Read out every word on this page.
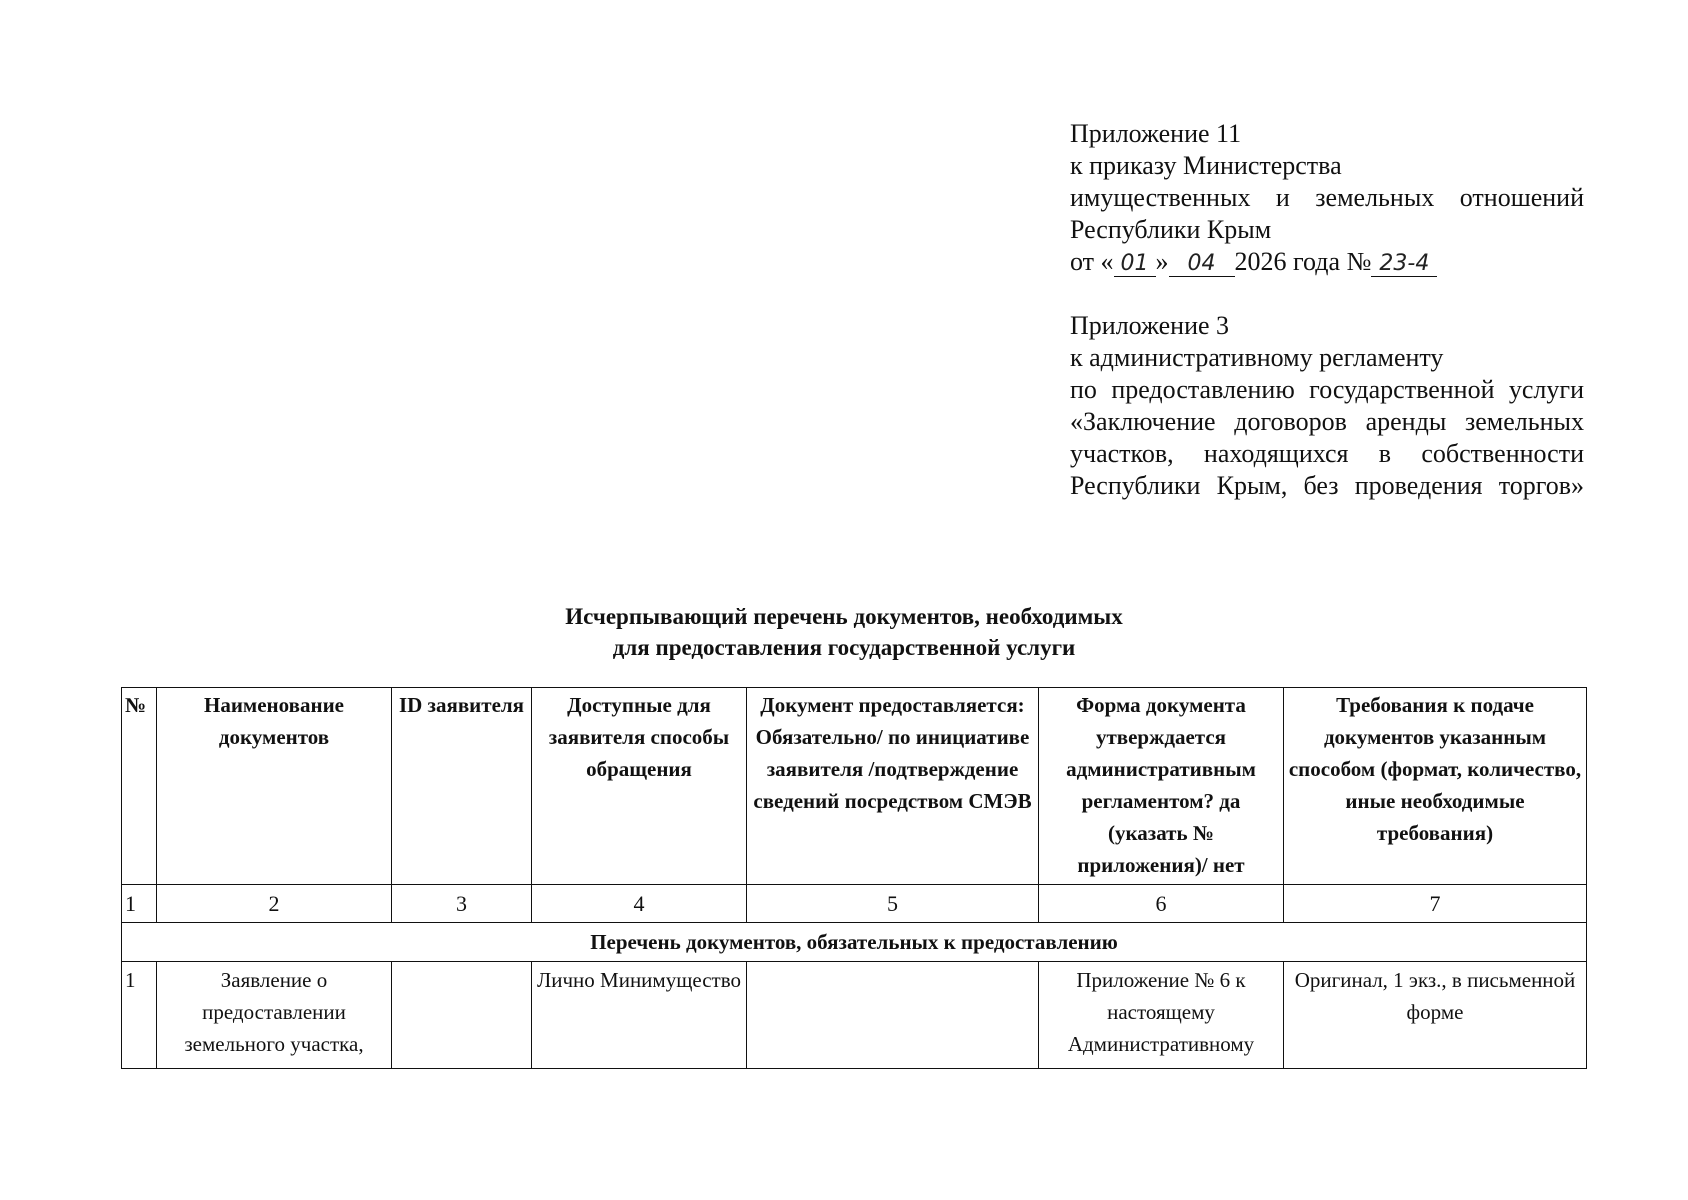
Приложение 11
к приказу Министерства
имущественных и земельных отношений
Республики Крым
от « 01 » 04 2026 года № 23-4
Приложение 3
к административному регламенту
по предоставлению государственной услуги «Заключение договоров аренды земельных участков, находящихся в собственности Республики Крым, без проведения торгов»
Исчерпывающий перечень документов, необходимых
для предоставления государственной услуги
№	Наименование документов	ID заявителя	Доступные для заявителя способы обращения	Документ предоставляется: Обязательно/ по инициативе заявителя /подтверждение сведений посредством СМЭВ	Форма документа утверждается административным регламентом? да (указать № приложения)/ нет	Требования к подаче документов указанным способом (формат, количество, иные необходимые требования)
1	2	3	4	5	6	7
Перечень документов, обязательных к предоставлению						
1	Заявление о предоставлении земельного участка,		Лично Минимущество		Приложение № 6 к настоящему Административному	Оригинал, 1 экз., в письменной форме
